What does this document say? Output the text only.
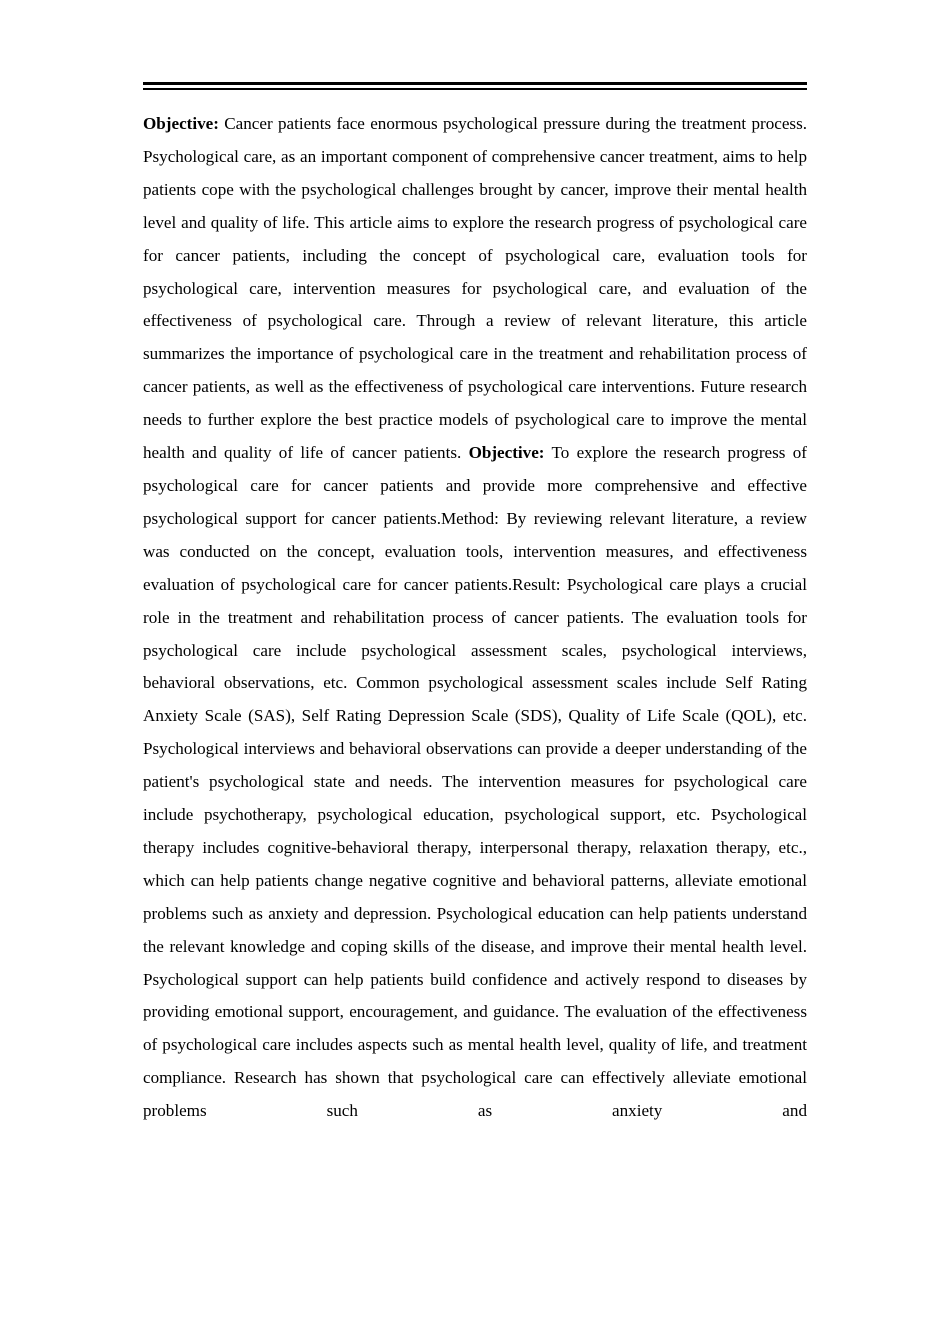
Objective: Cancer patients face enormous psychological pressure during the treatment process. Psychological care, as an important component of comprehensive cancer treatment, aims to help patients cope with the psychological challenges brought by cancer, improve their mental health level and quality of life. This article aims to explore the research progress of psychological care for cancer patients, including the concept of psychological care, evaluation tools for psychological care, intervention measures for psychological care, and evaluation of the effectiveness of psychological care. Through a review of relevant literature, this article summarizes the importance of psychological care in the treatment and rehabilitation process of cancer patients, as well as the effectiveness of psychological care interventions. Future research needs to further explore the best practice models of psychological care to improve the mental health and quality of life of cancer patients. Objective: To explore the research progress of psychological care for cancer patients and provide more comprehensive and effective psychological support for cancer patients.Method: By reviewing relevant literature, a review was conducted on the concept, evaluation tools, intervention measures, and effectiveness evaluation of psychological care for cancer patients.Result: Psychological care plays a crucial role in the treatment and rehabilitation process of cancer patients. The evaluation tools for psychological care include psychological assessment scales, psychological interviews, behavioral observations, etc. Common psychological assessment scales include Self Rating Anxiety Scale (SAS), Self Rating Depression Scale (SDS), Quality of Life Scale (QOL), etc. Psychological interviews and behavioral observations can provide a deeper understanding of the patient's psychological state and needs. The intervention measures for psychological care include psychotherapy, psychological education, psychological support, etc. Psychological therapy includes cognitive-behavioral therapy, interpersonal therapy, relaxation therapy, etc., which can help patients change negative cognitive and behavioral patterns, alleviate emotional problems such as anxiety and depression. Psychological education can help patients understand the relevant knowledge and coping skills of the disease, and improve their mental health level. Psychological support can help patients build confidence and actively respond to diseases by providing emotional support, encouragement, and guidance. The evaluation of the effectiveness of psychological care includes aspects such as mental health level, quality of life, and treatment compliance. Research has shown that psychological care can effectively alleviate emotional problems such as anxiety and
